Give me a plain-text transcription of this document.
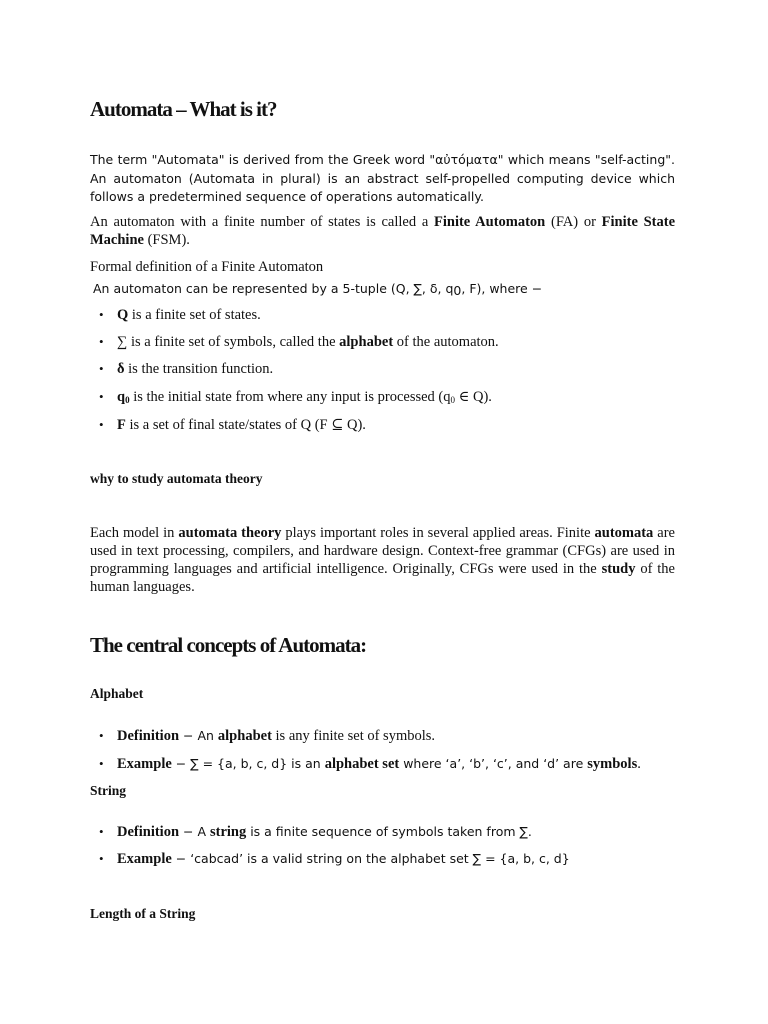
Automata – What is it?
The term "Automata" is derived from the Greek word "αὐτόματα" which means "self-acting". An automaton (Automata in plural) is an abstract self-propelled computing device which follows a predetermined sequence of operations automatically.
An automaton with a finite number of states is called a Finite Automaton (FA) or Finite State Machine (FSM).
Formal definition of a Finite Automaton
An automaton can be represented by a 5-tuple (Q, ∑, δ, q0, F), where −
• Q is a finite set of states.
• ∑ is a finite set of symbols, called the alphabet of the automaton.
• δ is the transition function.
• $q_0$ is the initial state from where any input is processed ($q_0$ ∈ Q).
• F is a set of final state/states of Q (F ⊆ Q).
why to study automata theory
Each model in automata theory plays important roles in several applied areas. Finite automata are used in text processing, compilers, and hardware design. Context-free grammar (CFGs) are used in programming languages and artificial intelligence. Originally, CFGs were used in the study of the human languages.
The central concepts of Automata:
Alphabet
• Definition − An alphabet is any finite set of symbols.
• Example − ∑ = {a, b, c, d} is an alphabet set where ‘a’, ‘b’, ‘c’, and ‘d’ are symbols.
String
• Definition − A string is a finite sequence of symbols taken from ∑.
• Example − ‘cabcad’ is a valid string on the alphabet set ∑ = {a, b, c, d}
Length of a String
